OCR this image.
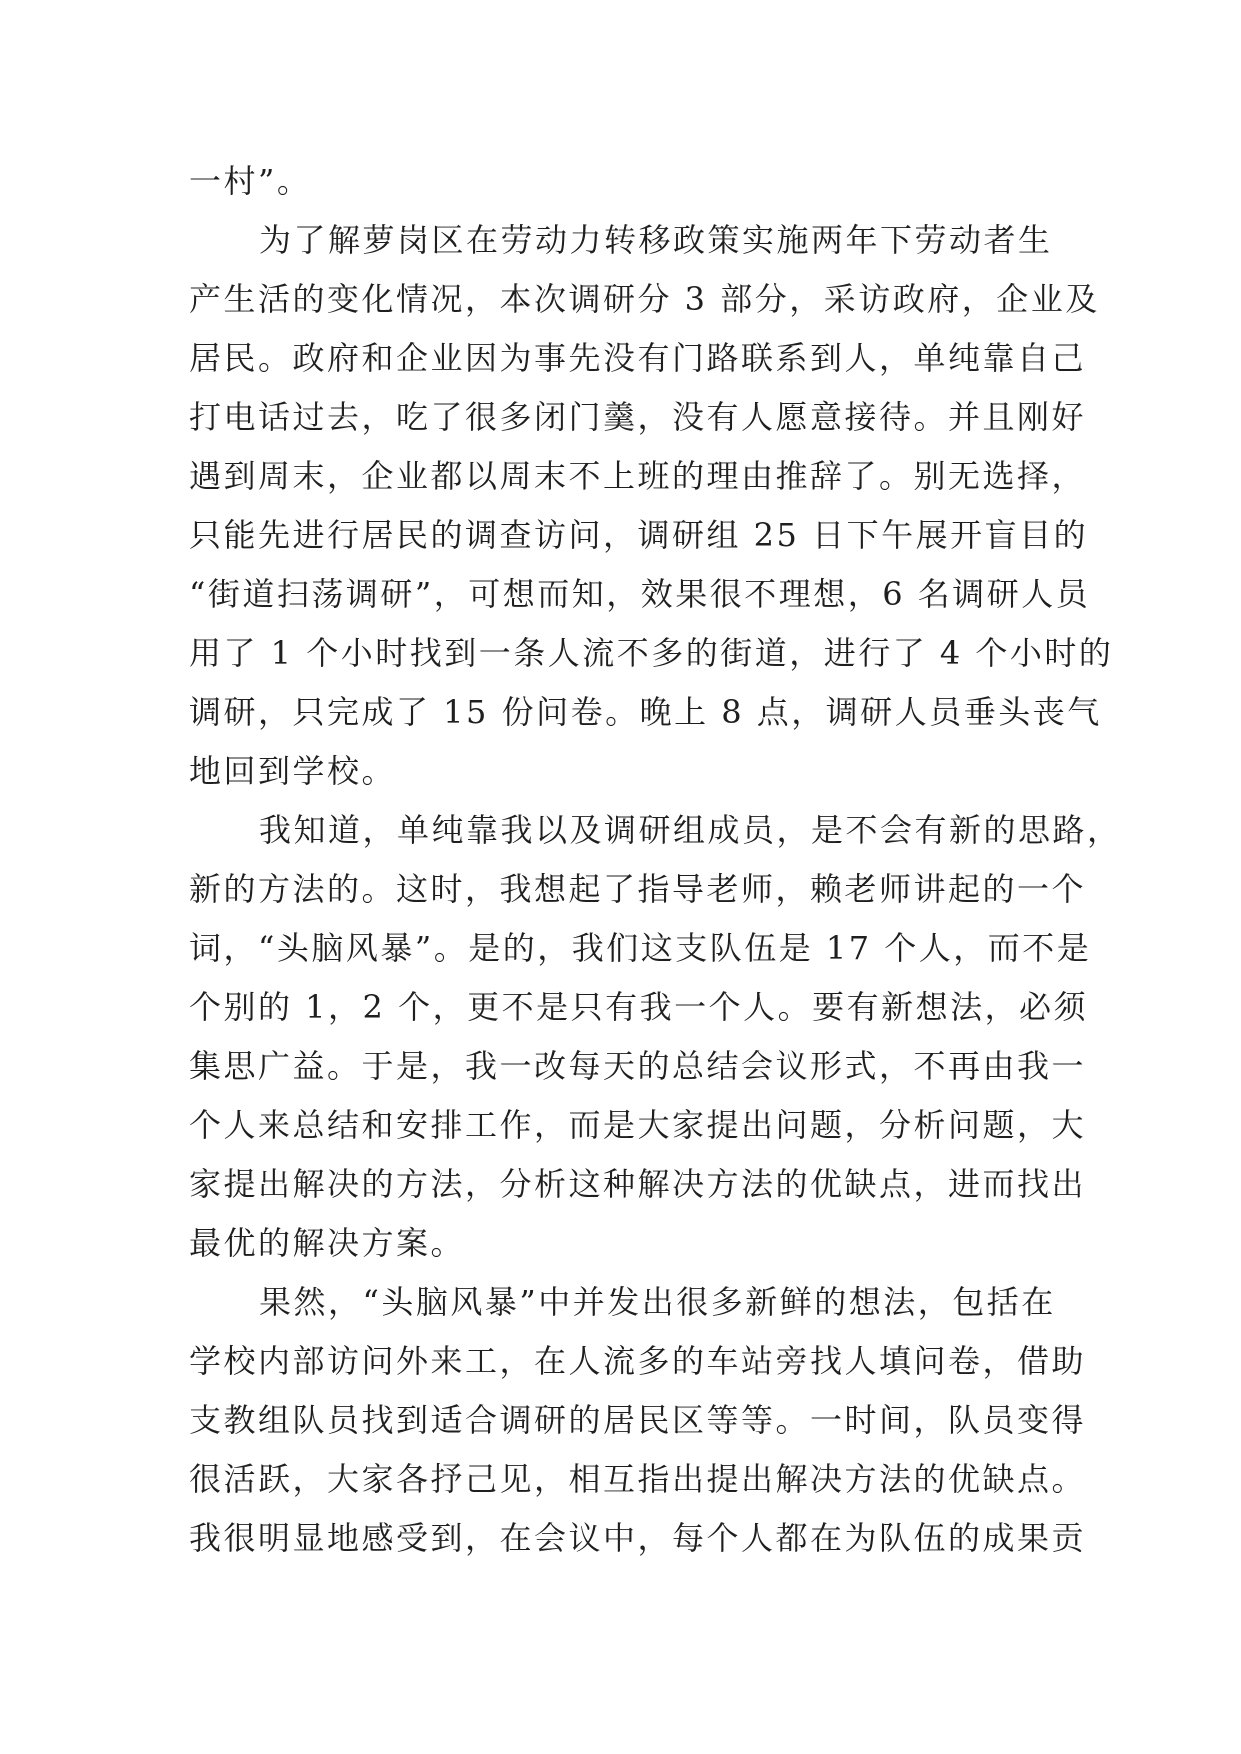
一村”。
为了解萝岗区在劳动力转移政策实施两年下劳动者生
产生活的变化情况，本次调研分 3 部分，采访政府，企业及
居民。政府和企业因为事先没有门路联系到人，单纯靠自己
打电话过去，吃了很多闭门羹，没有人愿意接待。并且刚好
遇到周末，企业都以周末不上班的理由推辞了。别无选择，
只能先进行居民的调查访问，调研组 25 日下午展开盲目的
“街道扫荡调研”，可想而知，效果很不理想，6 名调研人员
用了 1 个小时找到一条人流不多的街道，进行了 4 个小时的
调研，只完成了 15 份问卷。晚上 8 点，调研人员垂头丧气
地回到学校。
我知道，单纯靠我以及调研组成员，是不会有新的思路，
新的方法的。这时，我想起了指导老师，赖老师讲起的一个
词，“头脑风暴”。是的，我们这支队伍是 17 个人，而不是
个别的 1，2 个，更不是只有我一个人。要有新想法，必须
集思广益。于是，我一改每天的总结会议形式，不再由我一
个人来总结和安排工作，而是大家提出问题，分析问题，大
家提出解决的方法，分析这种解决方法的优缺点，进而找出
最优的解决方案。
果然，“头脑风暴”中并发出很多新鲜的想法，包括在
学校内部访问外来工，在人流多的车站旁找人填问卷，借助
支教组队员找到适合调研的居民区等等。一时间，队员变得
很活跃，大家各抒己见，相互指出提出解决方法的优缺点。
我很明显地感受到，在会议中，每个人都在为队伍的成果贡
